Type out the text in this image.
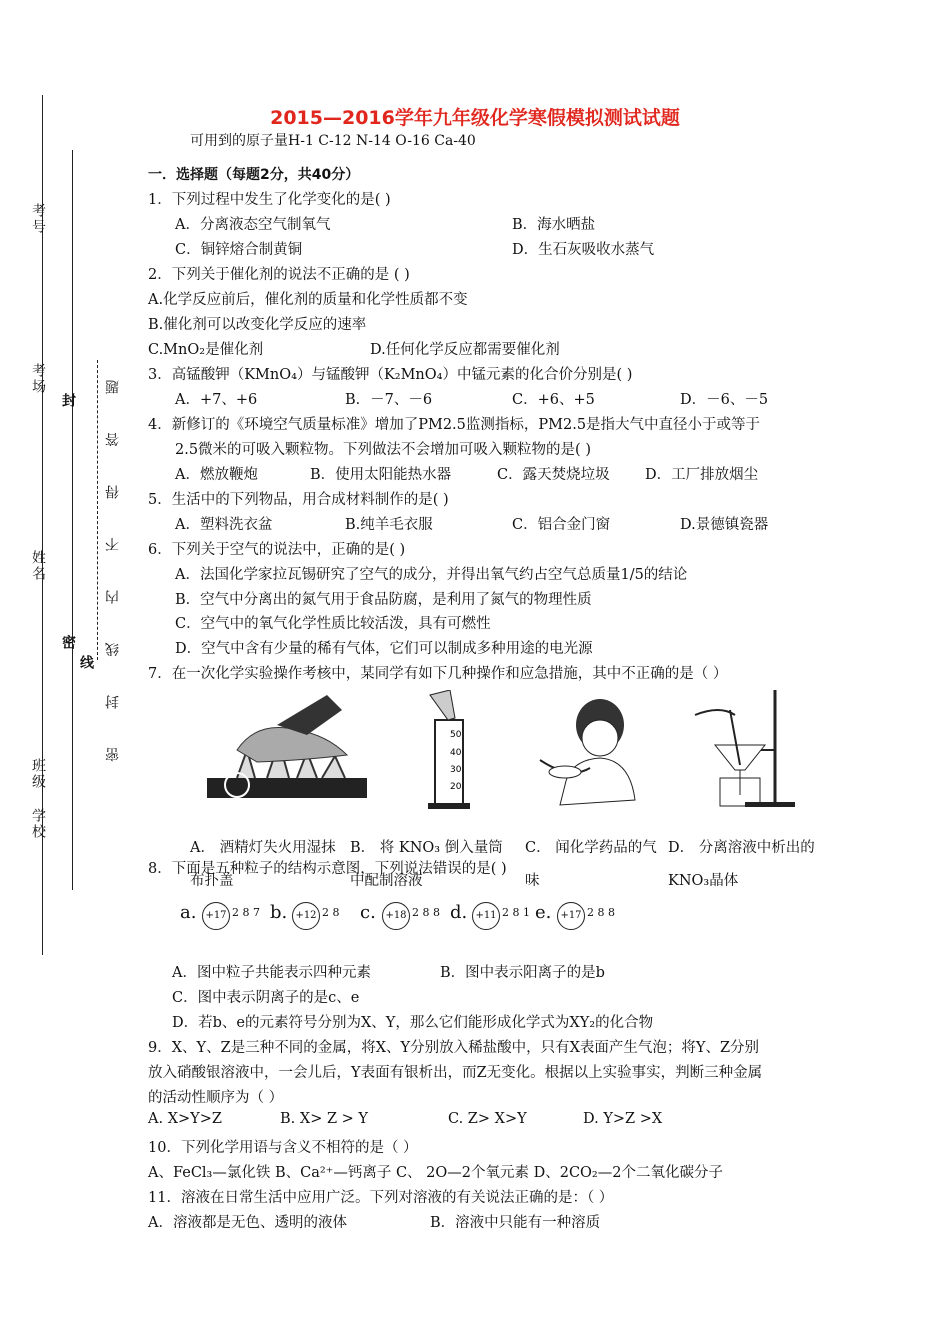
考号
考场
姓名
班级
学校
封
密
线 密 封 线 内 不 得 答 题
2015—2016学年九年级化学寒假模拟测试试题
可用到的原子量H-1 C-12 N-14 O-16 Ca-40
一．选择题（每题2分，共40分）
1．下列过程中发生了化学变化的是( )
A．分离液态空气制氧气	B．海水晒盐
C．铜锌熔合制黄铜	D．生石灰吸收水蒸气
2．下列关于催化剂的说法不正确的是 ( )
A.化学反应前后，催化剂的质量和化学性质都不变
B.催化剂可以改变化学反应的速率
C.MnO₂是催化剂	D.任何化学反应都需要催化剂
3．高锰酸钾（KMnO₄）与锰酸钾（K₂MnO₄）中锰元素的化合价分别是( )
A．+7、+6	B．－7、－6	C．+6、+5	D．－6、－5
4．新修订的《环境空气质量标准》增加了PM2.5监测指标，PM2.5是指大气中直径小于或等于
2.5微米的可吸入颗粒物。下列做法不会增加可吸入颗粒物的是( )
A．燃放鞭炮	B．使用太阳能热水器	C．露天焚烧垃圾 D．工厂排放烟尘
5．生活中的下列物品，用合成材料制作的是( )
A．塑料洗衣盆	B.纯羊毛衣服	C．铝合金门窗	D.景德镇瓷器
6．下列关于空气的说法中，正确的是( )
A．法国化学家拉瓦锡研究了空气的成分，并得出氧气约占空气总质量1/5的结论
B．空气中分离出的氮气用于食品防腐，是利用了氮气的物理性质
C．空气中的氧气化学性质比较活泼，具有可燃性
D．空气中含有少量的稀有气体，它们可以制成多种用途的电光源
7．在一次化学实验操作考核中，某同学有如下几种操作和应急措施，其中不正确的是（ ）
50
40
30
20
A． 酒精灯失火用湿抹布扑盖
B． 将 KNO₃ 倒入量筒中配制溶液
C． 闻化学药品的气味
D． 分离溶液中析出的KNO₃晶体
8．下面是五种粒子的结构示意图，下列说法错误的是( )
a. +17 2 8 7 b. +12 2 8 c. +18 2 8 8 d. +11 2 8 1 e. +17 2 8 8
A．图中粒子共能表示四种元素	B．图中表示阳离子的是b
C．图中表示阴离子的是c、e
D．若b、e的元素符号分别为X、Y，那么它们能形成化学式为XY₂的化合物
9．X、Y、Z是三种不同的金属，将X、Y分别放入稀盐酸中，只有X表面产生气泡；将Y、Z分别
放入硝酸银溶液中，一会儿后，Y表面有银析出，而Z无变化。根据以上实验事实，判断三种金属
的活动性顺序为（ ）
A. X>Y>Z	B. X> Z > Y	C. Z> X>Y	D. Y>Z >X
10．下列化学用语与含义不相符的是（ ）
A、FeCl₃—氯化铁 B、Ca²⁺—钙离子 C、 2O—2个氧元素 D、2CO₂—2个二氧化碳分子
11．溶液在日常生活中应用广泛。下列对溶液的有关说法正确的是：（ ）
A．溶液都是无色、透明的液体	B．溶液中只能有一种溶质
